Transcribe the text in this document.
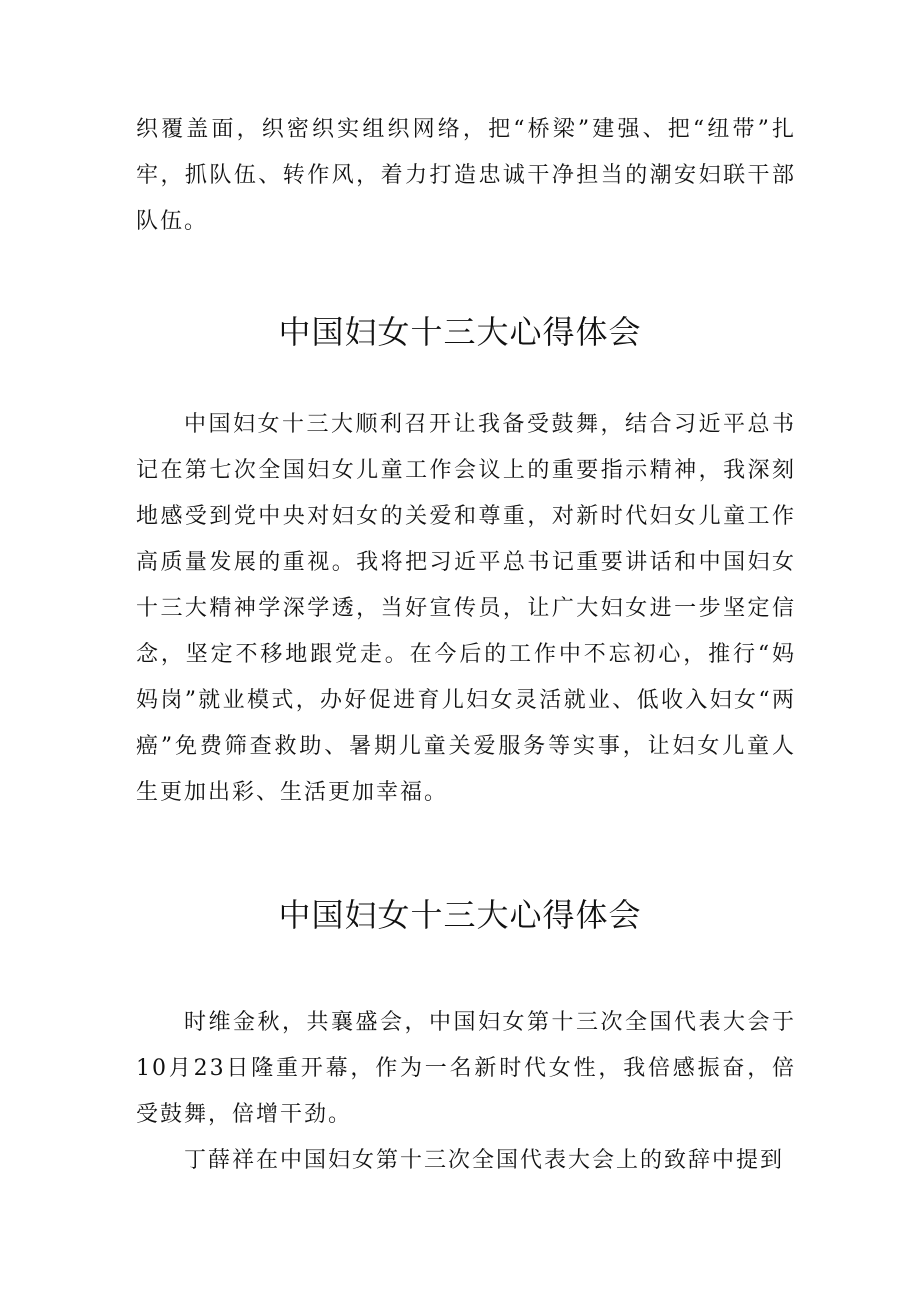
织覆盖面，织密织实组织网络，把“桥梁”建强、把“纽带”扎牢，抓队伍、转作风，着力打造忠诚干净担当的潮安妇联干部队伍。

中国妇女十三大心得体会

中国妇女十三大顺利召开让我备受鼓舞，结合习近平总书记在第七次全国妇女儿童工作会议上的重要指示精神，我深刻地感受到党中央对妇女的关爱和尊重，对新时代妇女儿童工作高质量发展的重视。我将把习近平总书记重要讲话和中国妇女十三大精神学深学透，当好宣传员，让广大妇女进一步坚定信念，坚定不移地跟党走。在今后的工作中不忘初心，推行“妈妈岗”就业模式，办好促进育儿妇女灵活就业、低收入妇女“两癌”免费筛查救助、暑期儿童关爱服务等实事，让妇女儿童人生更加出彩、生活更加幸福。

中国妇女十三大心得体会

时维金秋，共襄盛会，中国妇女第十三次全国代表大会于10月23日隆重开幕，作为一名新时代女性，我倍感振奋，倍受鼓舞，倍增干劲。

丁薛祥在中国妇女第十三次全国代表大会上的致辞中提到
